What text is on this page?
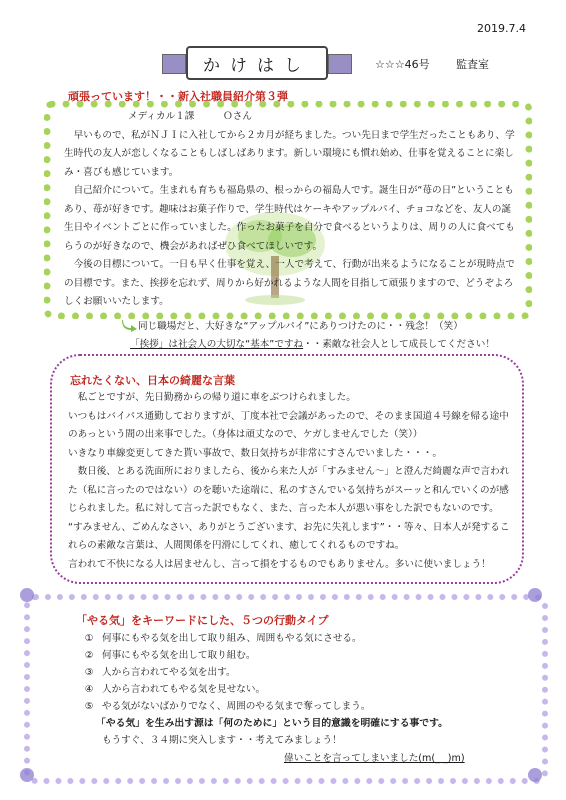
2019.7.4
かけはし	☆☆☆46号 監査室
頑張っています！・・新入社職員紹介第３弾
メディカル１課　　　Ｏさん
早いもので、私がＮＪＩに入社してから２カ月が経ちました。つい先日まで学生だったこともあり、学生時代の友人が恋しくなることもしばしばあります。新しい環境にも慣れ始め、仕事を覚えることに楽しみ・喜びも感じています。
自己紹介について。生まれも育ちも福島県の、根っからの福島人です。誕生日が“苺の日”ということもあり、苺が好きです。趣味はお菓子作りで、学生時代はケーキやアップルパイ、チョコなどを、友人の誕生日やイベントごとに作っていました。作ったお菓子を自分で食べるというよりは、周りの人に食べてもらうのが好きなので、機会があればぜひ食べてほしいです。
今後の目標について。一日も早く仕事を覚え、一人で考えて、行動が出来るようになることが現時点での目標です。また、挨拶を忘れず、周りから好かれるような人間を目指して頑張りますので、どうぞよろしくお願いいたします。
同じ職場だと、大好きな“アップルパイ”にありつけたのに・・残念！（笑）
「挨拶」は社会人の大切な“基本”ですね・・素敵な社会人として成長してください！
忘れたくない、日本の綺麗な言葉
私ごとですが、先日勤務からの帰り道に車をぶつけられました。
いつもはバイパス通勤しておりますが、丁度本社で会議があったので、そのまま国道４号線を帰る途中のあっという間の出来事でした。（身体は頑丈なので、ケガしませんでした（笑））
いきなり車線変更してきた貰い事故で、数日気持ちが非常にすさんでいました・・・。
数日後、とある洗面所におりましたら、後から来た人が「すみません～」と澄んだ綺麗な声で言われた（私に言ったのではない）のを聴いた途端に、私のすさんでいる気持ちがスーッと和んでいくのが感じられました。私に対して言った訳でもなく、また、言った本人が悪い事をした訳でもないのです。
“すみません、ごめんなさい、ありがとうございます、お先に失礼します”・・等々、日本人が発するこれらの素敵な言葉は、人間関係を円滑にしてくれ、癒してくれるものですね。
言われて不快になる人は居ませんし、言って損をするものでもありません。多いに使いましょう！
「やる気」をキーワードにした、５つの行動タイプ
① 何事にもやる気を出して取り組み、周囲もやる気にさせる。
② 何事にもやる気を出して取り組む。
③ 人から言われてやる気を出す。
④ 人から言われてもやる気を見せない。
⑤ やる気がないばかりでなく、周囲のやる気まで奪ってしまう。
「やる気」を生み出す源は「何のために」という目的意識を明確にする事です。
もうすぐ、３４期に突入します・・考えてみましょう！
偉いことを言ってしまいました(m(_ _)m)
